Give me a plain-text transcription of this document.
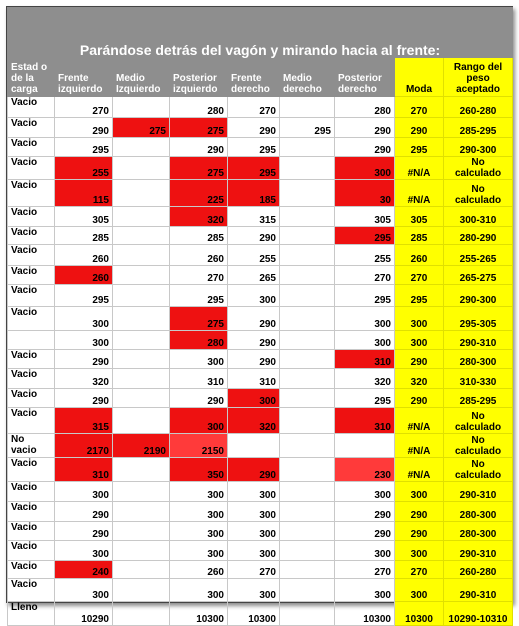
Parándose detrás del vagón y mirando hacia al frente:								
Estad o de la carga	Frente izquierdo	Medio Izquierdo	Posterior izquierdo	Frente derecho	Medio derecho	Posterior derecho	Moda	Rango del peso aceptado
Vacio	270		280	270		280	270	260-280
Vacio	290	275	275	290	295	290	290	285-295
Vacio	295		290	295		290	295	290-300
Vacio	255		275	295		300	#N/A	No calculado
Vacio	115		225	185		30	#N/A	No calculado
Vacio	305		320	315		305	305	300-310
Vacio	285		285	290		295	285	280-290
Vacio	260		260	255		255	260	255-265
Vacio	260		270	265		270	270	265-275
Vacio	295		295	300		295	295	290-300
Vacio	300		275	290		300	300	295-305
	300		280	290		300	300	290-310
Vacio	290		300	290		310	290	280-300
Vacio	320		310	310		320	320	310-330
Vacio	290		290	300		295	290	285-295
Vacio	315		300	320		310	#N/A	No calculado
No vacio	2170	2190	2150				#N/A	No calculado
Vacio	310		350	290		230	#N/A	No calculado
Vacio	300		300	300		300	300	290-310
Vacio	290		300	300		290	290	280-300
Vacio	290		300	300		290	290	280-300
Vacio	300		300	300		300	300	290-310
Vacio	240		260	270		270	270	260-280
Vacio	300		300	300		300	300	290-310
Lleno	10290		10300	10300		10300	10300	10290-10310
